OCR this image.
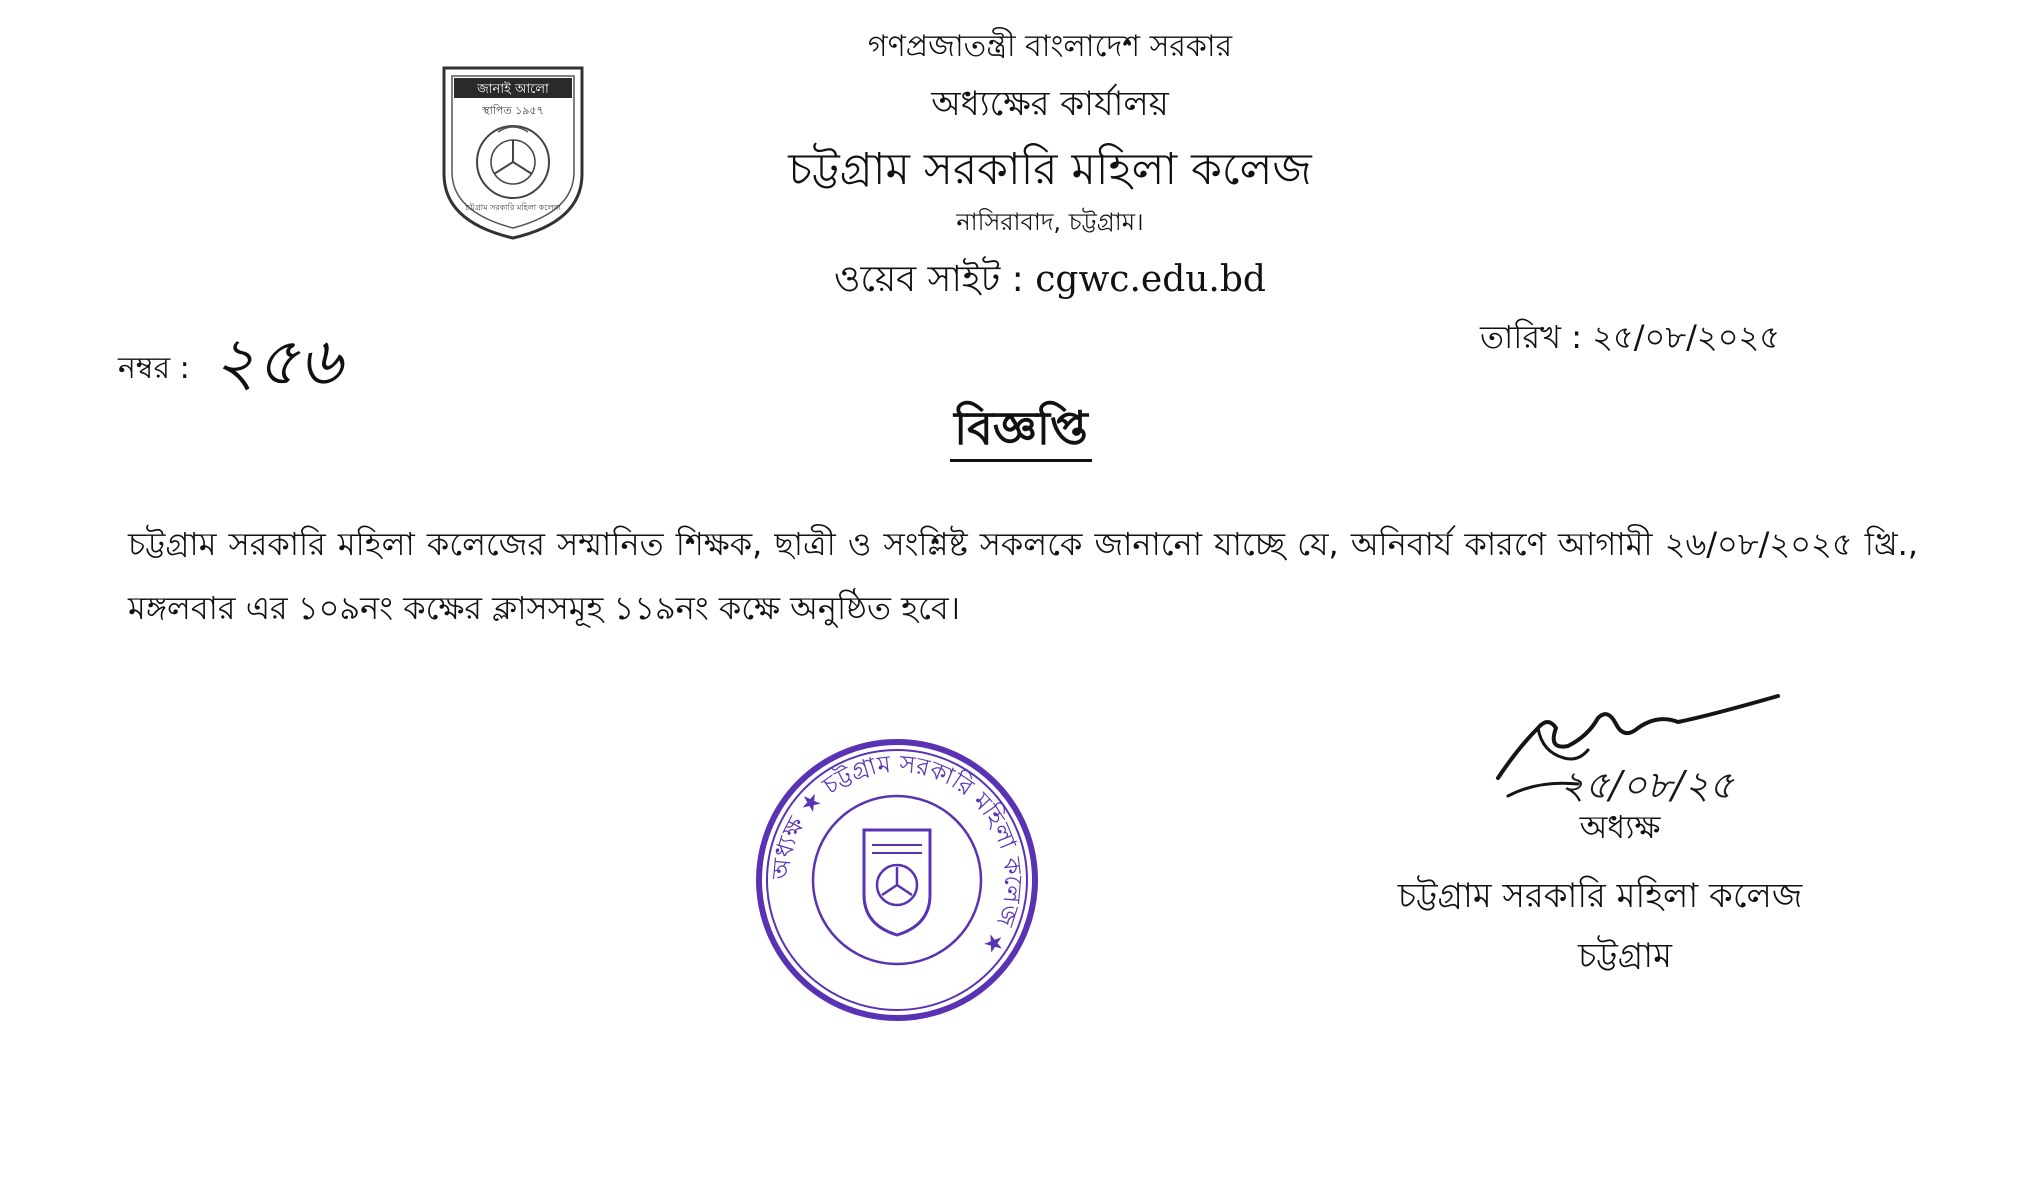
জানাই আলো
স্থাপিত ১৯৫৭
চট্টগ্রাম সরকারি মহিলা কলেজ
গণপ্রজাতন্ত্রী বাংলাদেশ সরকার
অধ্যক্ষের কার্যালয়
চট্টগ্রাম সরকারি মহিলা কলেজ
নাসিরাবাদ, চট্টগ্রাম।
ওয়েব সাইট : cgwc.edu.bd
নম্বর : ২৫৬	তারিখ : ২৫/০৮/২০২৫
বিজ্ঞপ্তি
চট্টগ্রাম সরকারি মহিলা কলেজের সম্মানিত শিক্ষক, ছাত্রী ও সংশ্লিষ্ট সকলকে জানানো যাচ্ছে যে, অনিবার্য কারণে আগামী ২৬/০৮/২০২৫ খ্রি., মঙ্গলবার এর ১০৯নং কক্ষের ক্লাসসমূহ ১১৯নং কক্ষে অনুষ্ঠিত হবে।
অধ্যক্ষ ★ চট্টগ্রাম সরকারি মহিলা কলেজ ★
২৫/০৮/২৫
অধ্যক্ষ
চট্টগ্রাম সরকারি মহিলা কলেজ
চট্টগ্রাম
